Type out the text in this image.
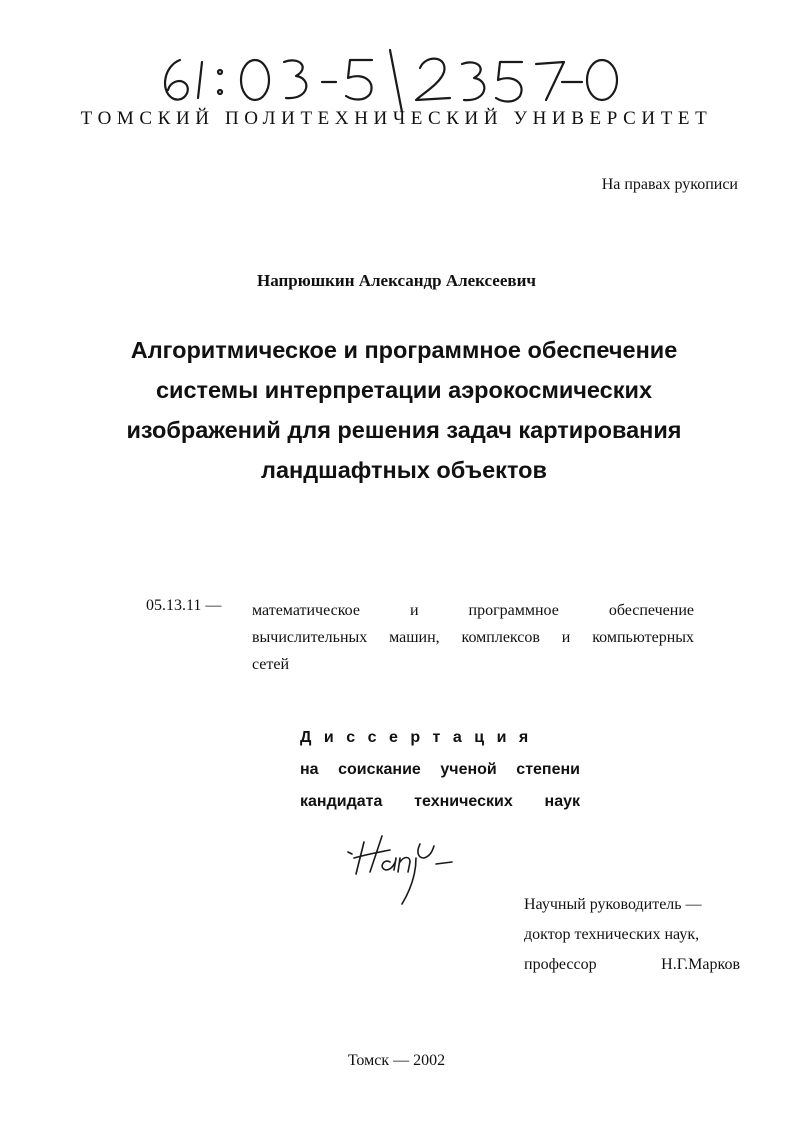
ТОМСКИЙ ПОЛИТЕХНИЧЕСКИЙ УНИВЕРСИТЕТ
На правах рукописи
Напрюшкин Александр Алексеевич
Алгоритмическое и программное обеспечение
системы интерпретации аэрокосмических
изображений для решения задач картирования
ландшафтных объектов
05.13.11 — математическое и программное обеспечение
вычислительных машин, комплексов и компьютерных
сетей
Диссертация
на соискание ученой степени
кандидата технических наук
Научный руководитель —
доктор технических наук,
профессор	Н.Г.Марков
Томск — 2002
